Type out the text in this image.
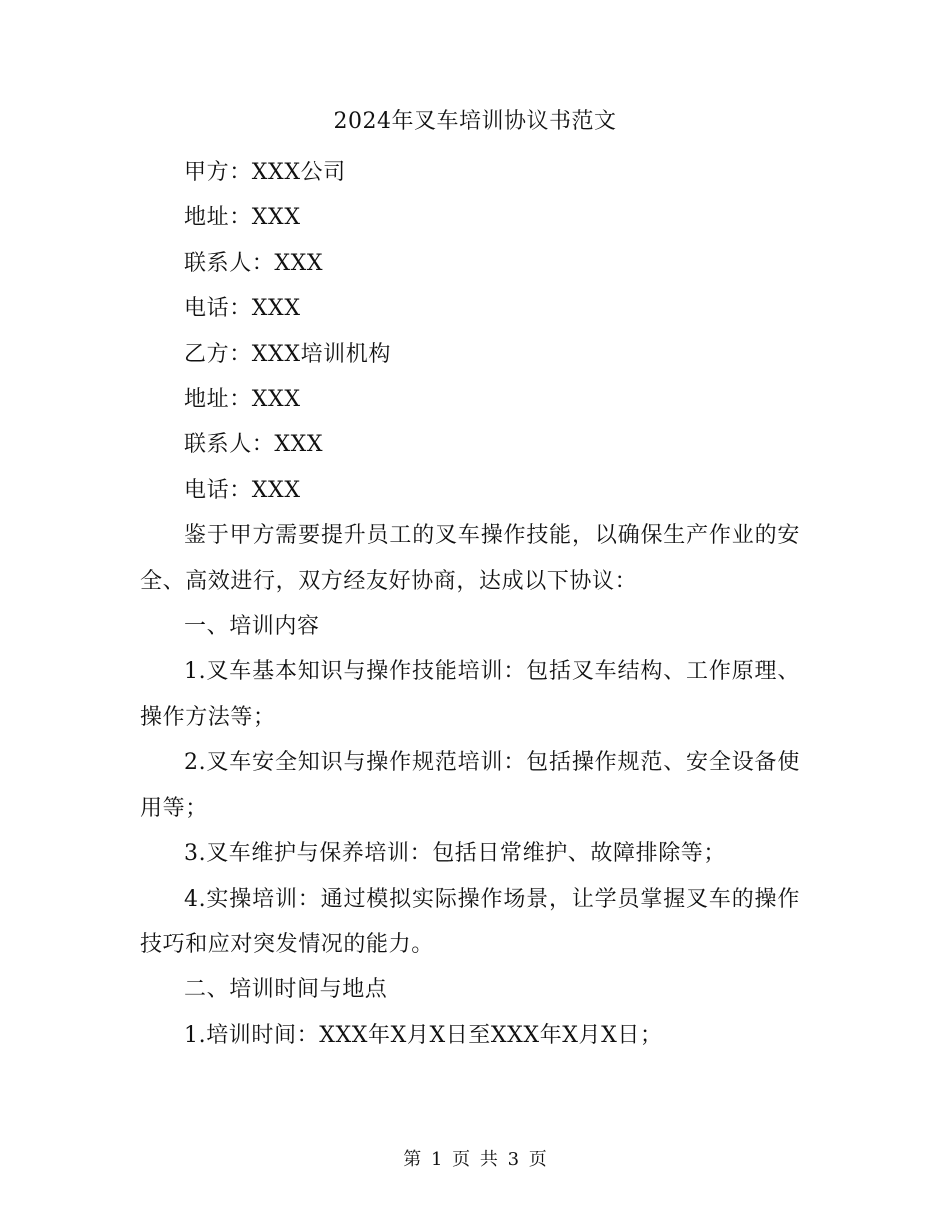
2024年叉车培训协议书范文

甲方：XXX公司

地址：XXX

联系人：XXX

电话：XXX

乙方：XXX培训机构

地址：XXX

联系人：XXX

电话：XXX

鉴于甲方需要提升员工的叉车操作技能，以确保生产作业的安全、高效进行，双方经友好协商，达成以下协议：

一、培训内容

1.叉车基本知识与操作技能培训：包括叉车结构、工作原理、操作方法等；

2.叉车安全知识与操作规范培训：包括操作规范、安全设备使用等；

3.叉车维护与保养培训：包括日常维护、故障排除等；

4.实操培训：通过模拟实际操作场景，让学员掌握叉车的操作技巧和应对突发情况的能力。

二、培训时间与地点

1.培训时间：XXX年X月X日至XXX年X月X日；

第 1 页 共 3 页
